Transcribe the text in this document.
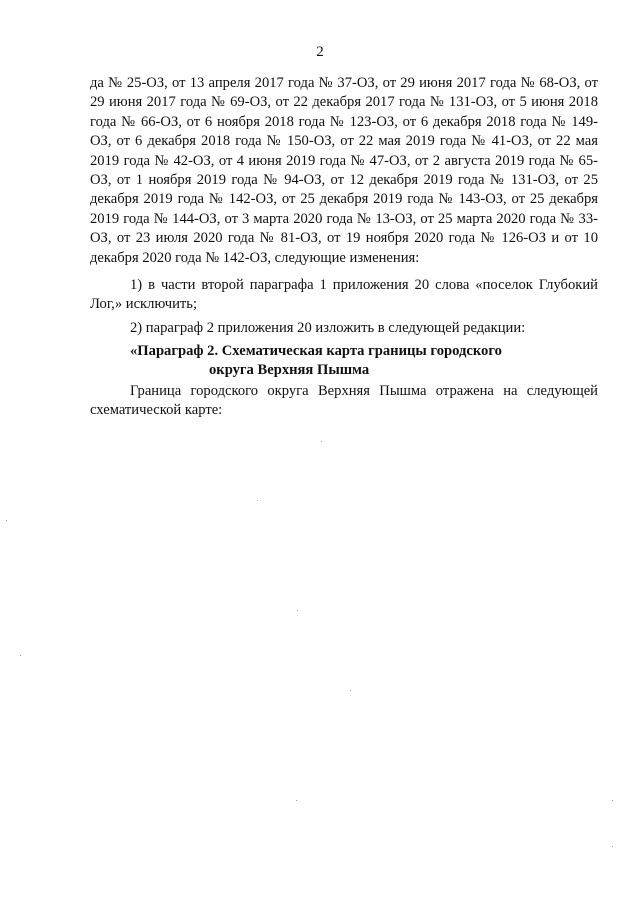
2

да № 25-ОЗ, от 13 апреля 2017 года № 37-ОЗ, от 29 июня 2017 года № 68-ОЗ, от 29 июня 2017 года № 69-ОЗ, от 22 декабря 2017 года № 131-ОЗ, от 5 июня 2018 года № 66-ОЗ, от 6 ноября 2018 года № 123-ОЗ, от 6 декабря 2018 года № 149-ОЗ, от 6 декабря 2018 года № 150-ОЗ, от 22 мая 2019 года № 41-ОЗ, от 22 мая 2019 года № 42-ОЗ, от 4 июня 2019 года № 47-ОЗ, от 2 августа 2019 года № 65-ОЗ, от 1 ноября 2019 года № 94-ОЗ, от 12 декабря 2019 года № 131-ОЗ, от 25 декабря 2019 года № 142-ОЗ, от 25 декабря 2019 года № 143-ОЗ, от 25 декабря 2019 года № 144-ОЗ, от 3 марта 2020 года № 13-ОЗ, от 25 марта 2020 года № 33-ОЗ, от 23 июля 2020 года № 81-ОЗ, от 19 ноября 2020 года № 126-ОЗ и от 10 декабря 2020 года № 142-ОЗ, следующие изменения:

1) в части второй параграфа 1 приложения 20 слова «поселок Глубокий Лог,» исключить;

2) параграф 2 приложения 20 изложить в следующей редакции:

«Параграф 2. Схематическая карта границы городского
округа Верхняя Пышма

Граница городского округа Верхняя Пышма отражена на следующей схематической карте:
